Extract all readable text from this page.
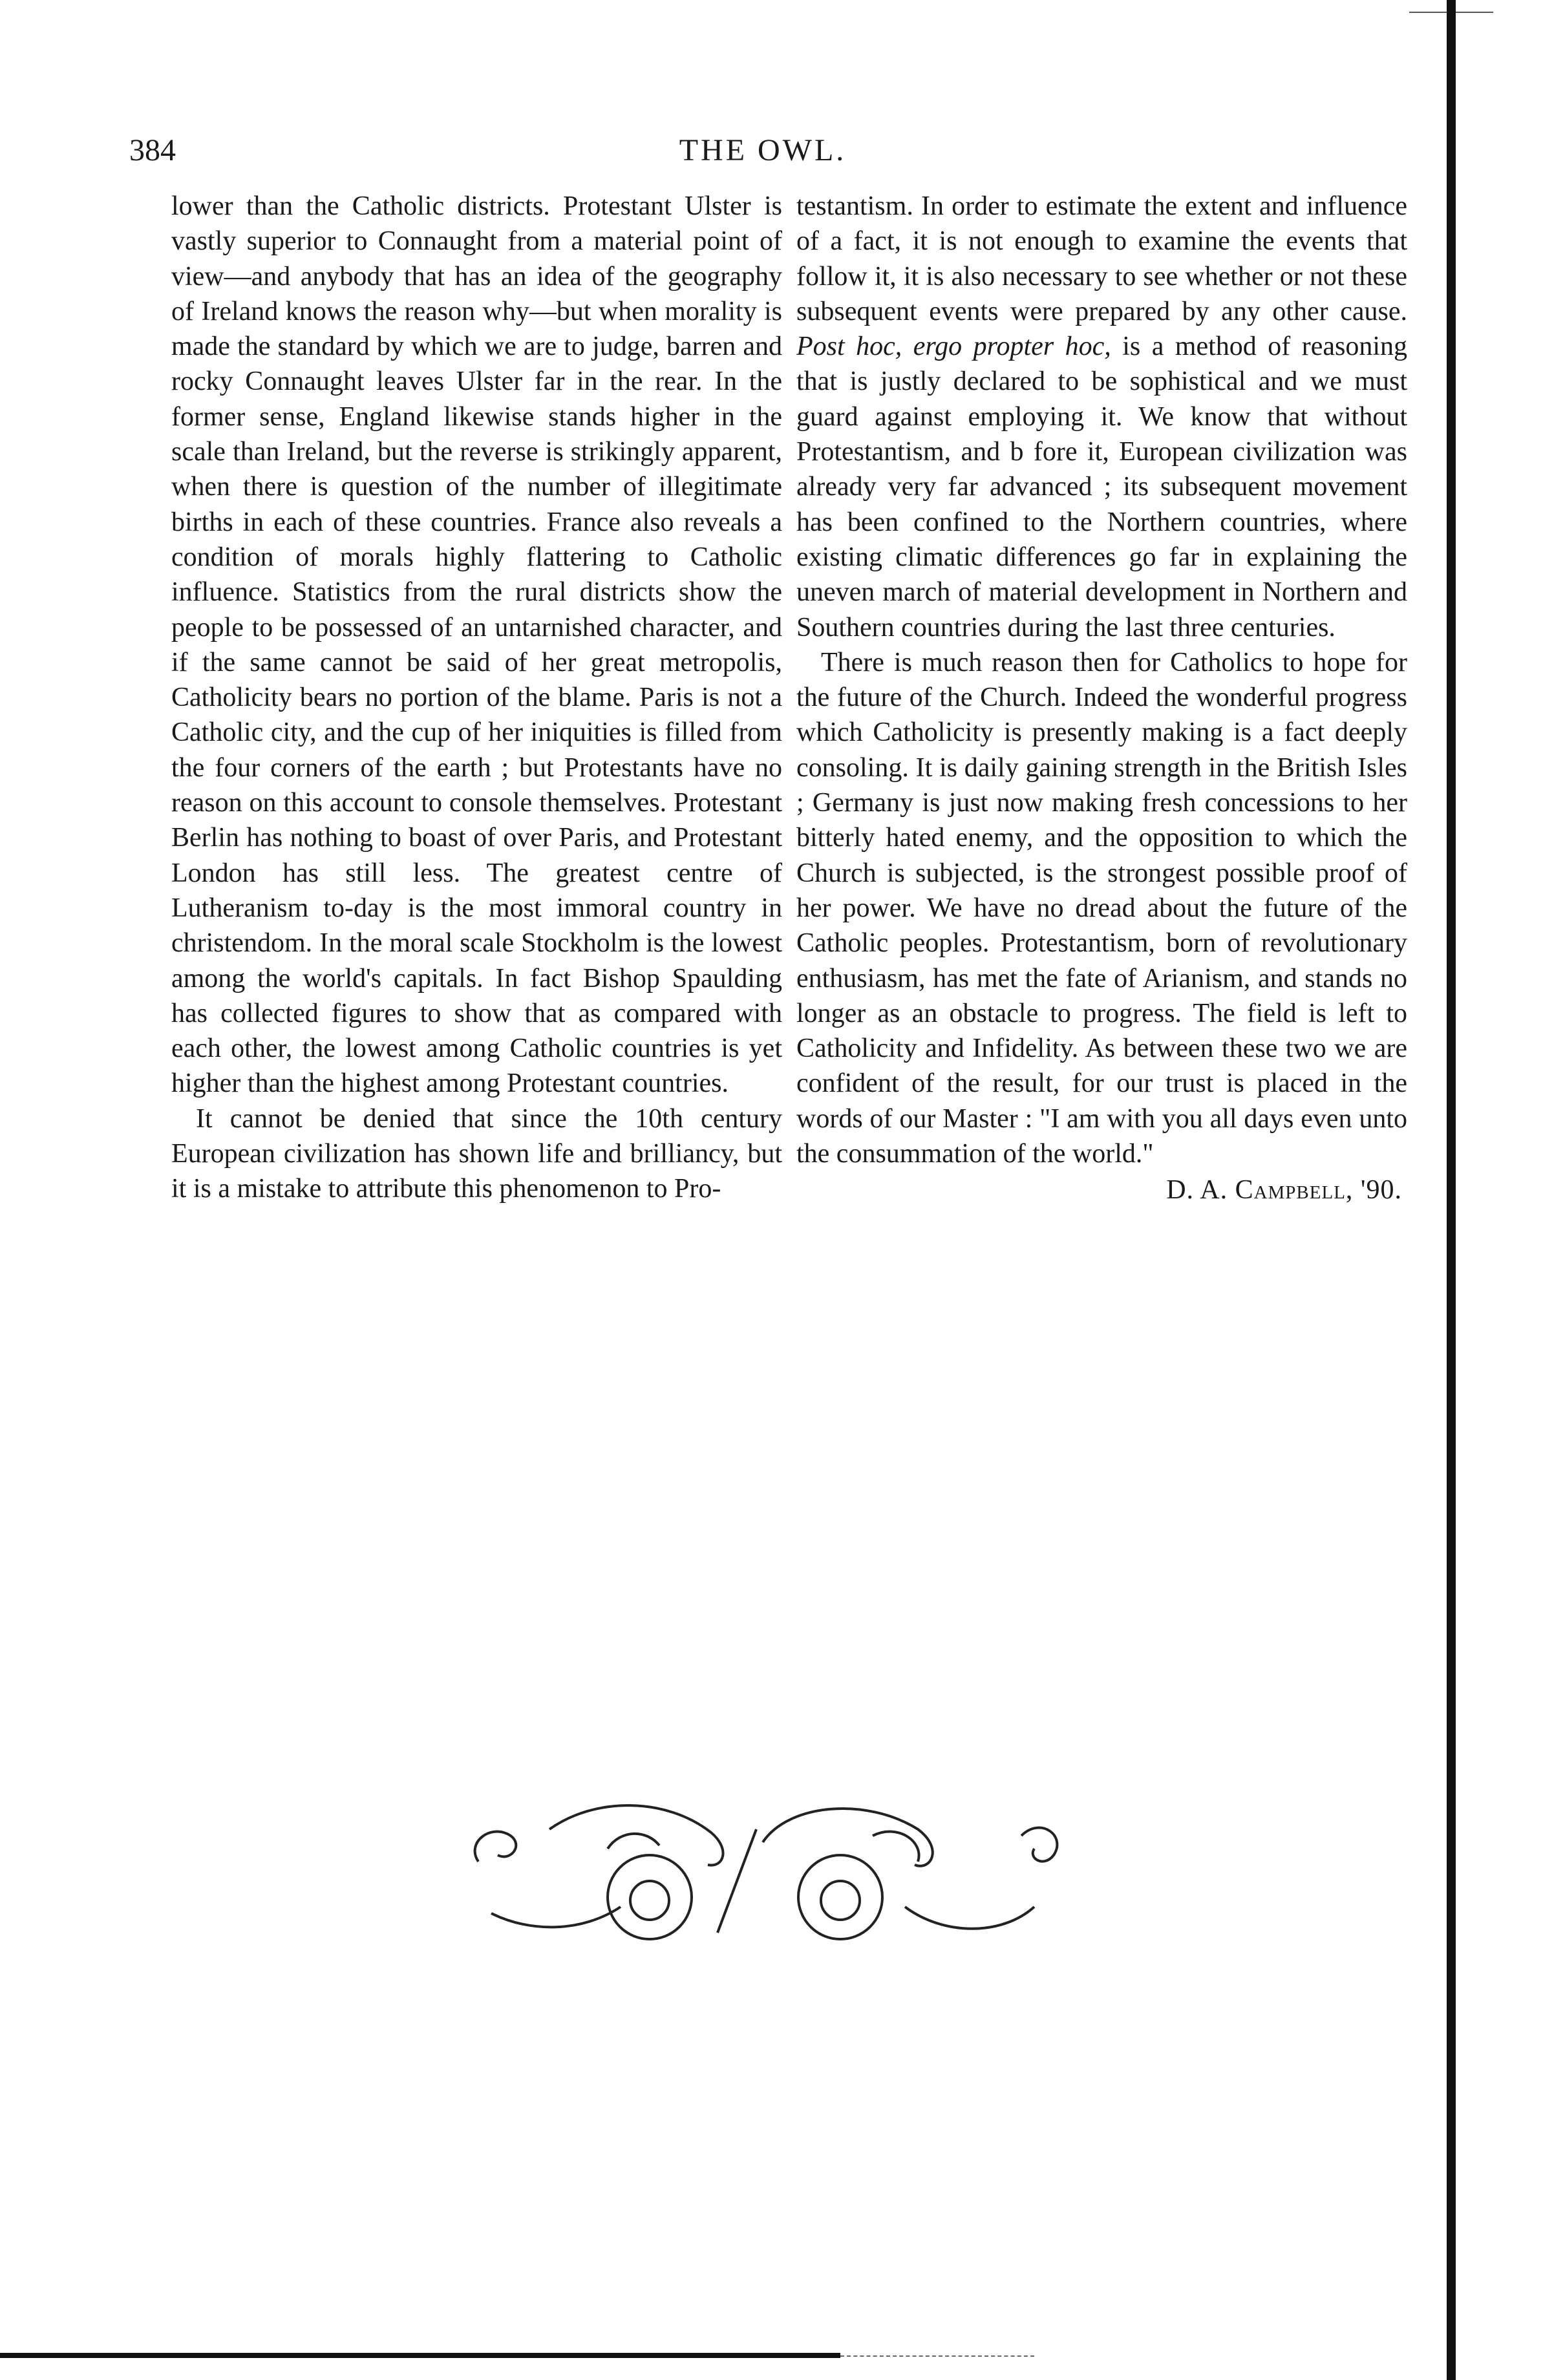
384	THE OWL.

lower than the Catholic districts. Protestant Ulster is vastly superior to Connaught from a material point of view—and anybody that has an idea of the geography of Ireland knows the reason why—but when morality is made the standard by which we are to judge, barren and rocky Connaught leaves Ulster far in the rear. In the former sense, England likewise stands higher in the scale than Ireland, but the reverse is strikingly apparent, when there is question of the number of illegitimate births in each of these countries. France also reveals a condition of morals highly flattering to Catholic influence. Statistics from the rural districts show the people to be possessed of an untarnished character, and if the same cannot be said of her great metropolis, Catholicity bears no portion of the blame. Paris is not a Catholic city, and the cup of her iniquities is filled from the four corners of the earth ; but Protestants have no reason on this account to console themselves. Protestant Berlin has nothing to boast of over Paris, and Protestant London has still less. The greatest centre of Lutheranism to-day is the most immoral country in christendom. In the moral scale Stockholm is the lowest among the world's capitals. In fact Bishop Spaulding has collected figures to show that as compared with each other, the lowest among Catholic countries is yet higher than the highest among Protestant countries.

It cannot be denied that since the 10th century European civilization has shown life and brilliancy, but it is a mistake to attribute this phenomenon to Pro-

testantism. In order to estimate the extent and influence of a fact, it is not enough to examine the events that follow it, it is also necessary to see whether or not these subsequent events were prepared by any other cause. Post hoc, ergo propter hoc, is a method of reasoning that is justly declared to be sophistical and we must guard against employing it. We know that without Protestantism, and b fore it, European civilization was already very far advanced ; its subsequent movement has been confined to the Northern countries, where existing climatic differences go far in explaining the uneven march of material development in Northern and Southern countries during the last three centuries.

There is much reason then for Catholics to hope for the future of the Church. Indeed the wonderful progress which Catholicity is presently making is a fact deeply consoling. It is daily gaining strength in the British Isles ; Germany is just now making fresh concessions to her bitterly hated enemy, and the opposition to which the Church is subjected, is the strongest possible proof of her power. We have no dread about the future of the Catholic peoples. Protestantism, born of revolutionary enthusiasm, has met the fate of Arianism, and stands no longer as an obstacle to progress. The field is left to Catholicity and Infidelity. As between these two we are confident of the result, for our trust is placed in the words of our Master : "I am with you all days even unto the consummation of the world."

D. A. Campbell, '90.
